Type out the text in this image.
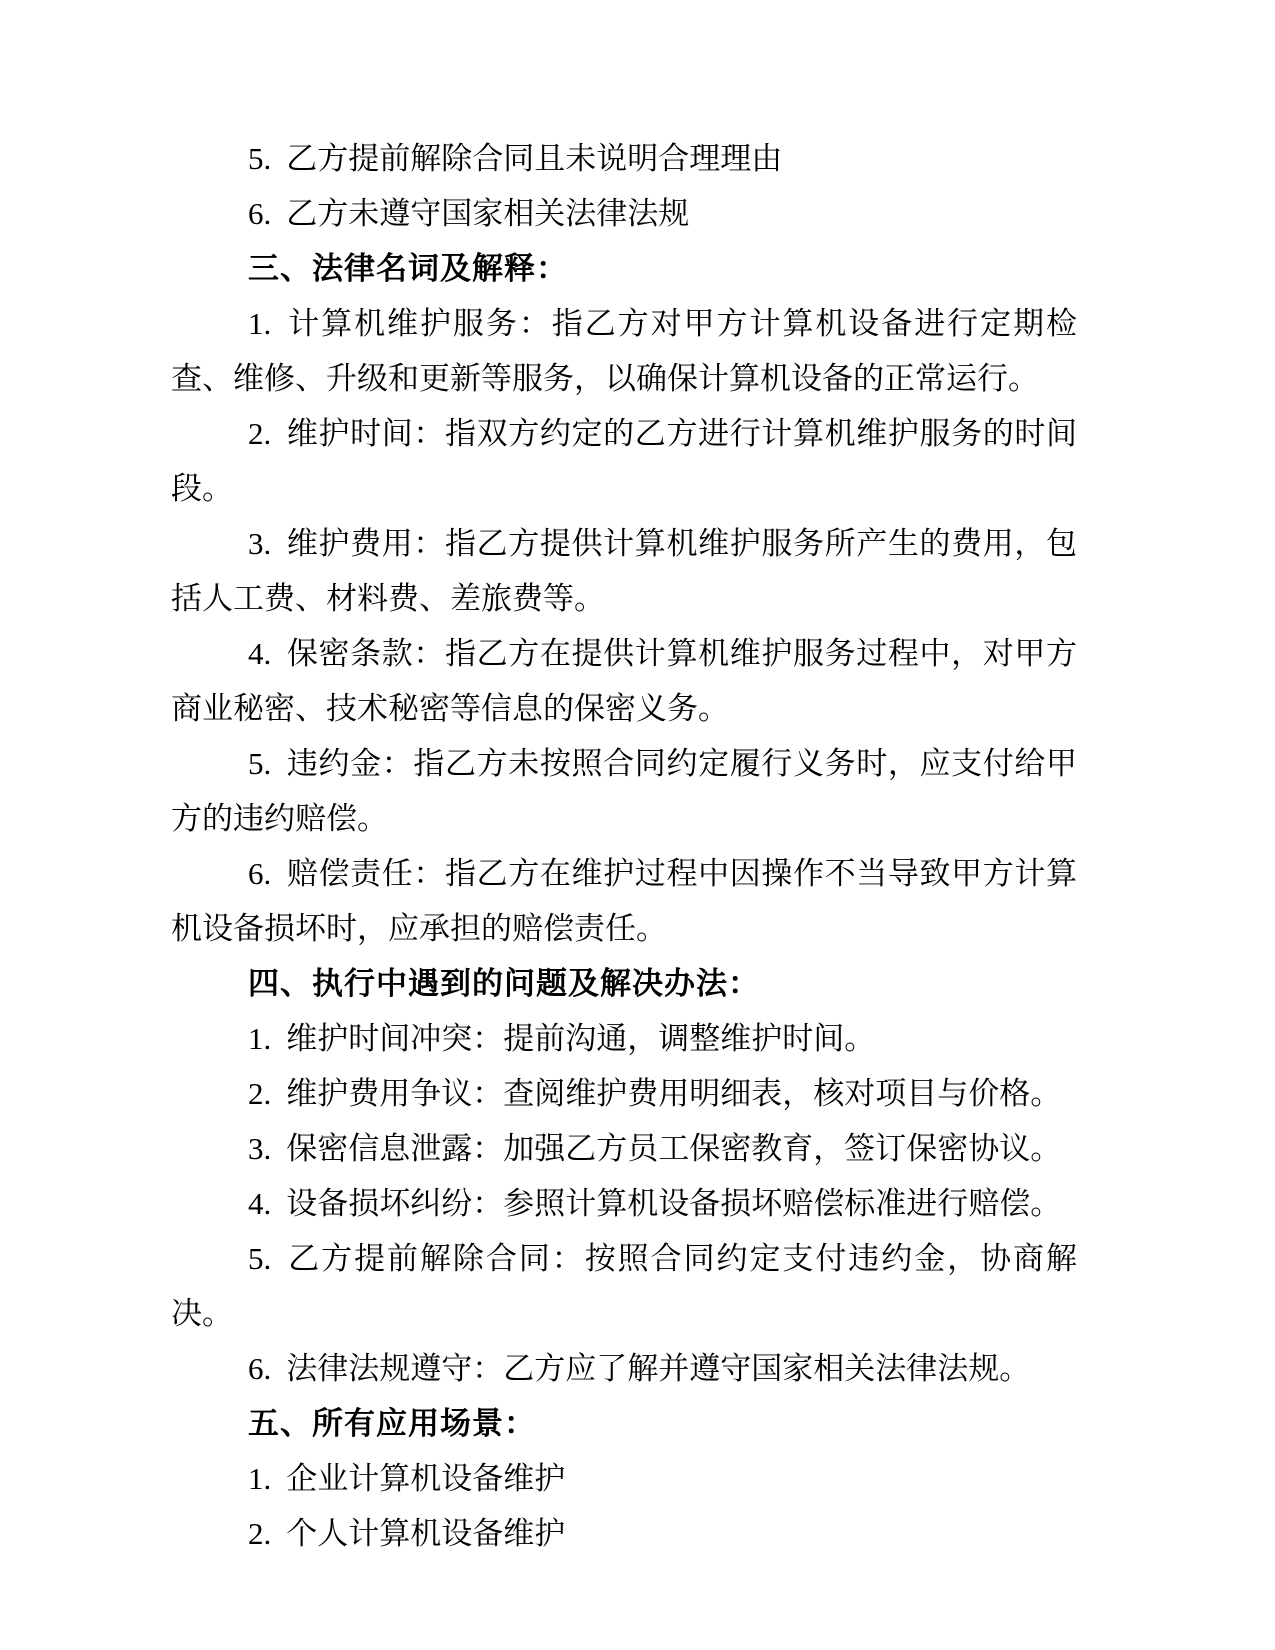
5. 乙方提前解除合同且未说明合理理由

6. 乙方未遵守国家相关法律法规

三、法律名词及解释：

1. 计算机维护服务：指乙方对甲方计算机设备进行定期检查、维修、升级和更新等服务，以确保计算机设备的正常运行。

2. 维护时间：指双方约定的乙方进行计算机维护服务的时间段。

3. 维护费用：指乙方提供计算机维护服务所产生的费用，包括人工费、材料费、差旅费等。

4. 保密条款：指乙方在提供计算机维护服务过程中，对甲方商业秘密、技术秘密等信息的保密义务。

5. 违约金：指乙方未按照合同约定履行义务时，应支付给甲方的违约赔偿。

6. 赔偿责任：指乙方在维护过程中因操作不当导致甲方计算机设备损坏时，应承担的赔偿责任。

四、执行中遇到的问题及解决办法：

1. 维护时间冲突：提前沟通，调整维护时间。

2. 维护费用争议：查阅维护费用明细表，核对项目与价格。

3. 保密信息泄露：加强乙方员工保密教育，签订保密协议。

4. 设备损坏纠纷：参照计算机设备损坏赔偿标准进行赔偿。

5. 乙方提前解除合同：按照合同约定支付违约金，协商解决。

6. 法律法规遵守：乙方应了解并遵守国家相关法律法规。

五、所有应用场景：

1. 企业计算机设备维护

2. 个人计算机设备维护
